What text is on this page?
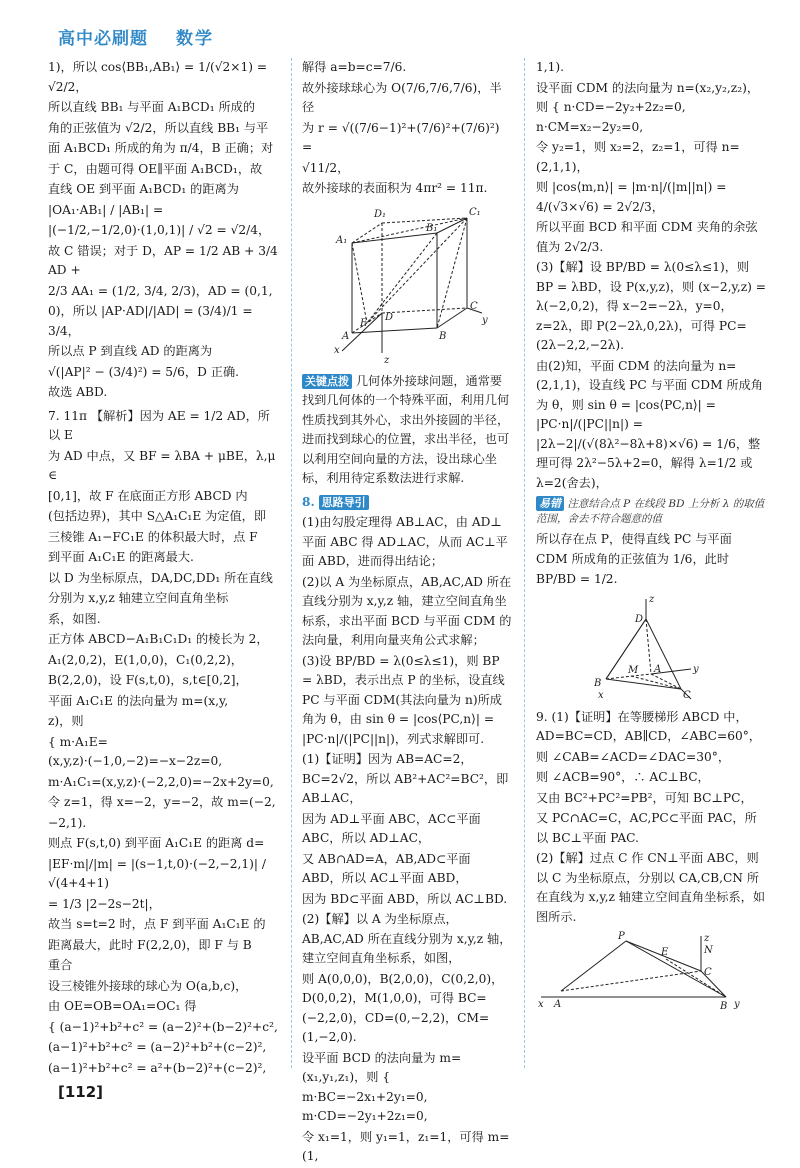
高中必刷题 数学
1)，所以 cos⟨BB₁,AB₁⟩ = 1/(√2×1) = √2/2，
所以直线 BB₁ 与平面 A₁BCD₁ 所成的
角的正弦值为 √2/2，所以直线 BB₁ 与平
面 A₁BCD₁ 所成的角为 π/4，B 正确；对
于 C，由题可得 OE∥平面 A₁BCD₁，故
直线 OE 到平面 A₁BCD₁ 的距离为
|OA₁·AB₁| / |AB₁| =
|(−1/2,−1/2,0)·(1,0,1)| / √2 = √2/4，
故 C 错误；对于 D，AP = 1/2 AB + 3/4 AD +
2/3 AA₁ = (1/2, 3/4, 2/3)，AD = (0,1,
0)，所以 |AP·AD|/|AD| = (3/4)/1 = 3/4，
所以点 P 到直线 AD 的距离为
√(|AP|² − (3/4)²) = 5/6，D 正确.
故选 ABD.
7. 11π 【解析】因为 AE = 1/2 AD，所以 E
为 AD 中点，又 BF = λBA + μBE，λ,μ ∈
[0,1]，故 F 在底面正方形 ABCD 内
(包括边界)，其中 S△A₁C₁E 为定值，即
三棱锥 A₁−FC₁E 的体积最大时，点 F
到平面 A₁C₁E 的距离最大.
以 D 为坐标原点，DA,DC,DD₁ 所在直线
分别为 x,y,z 轴建立空间直角坐标
系，如图.
正方体 ABCD−A₁B₁C₁D₁ 的棱长为 2，
A₁(2,0,2)，E(1,0,0)，C₁(0,2,2)，
B(2,2,0)，设 F(s,t,0)，s,t∈[0,2]，
平面 A₁C₁E 的法向量为 m=(x,y,
z)，则
{ m·A₁E=(x,y,z)·(−1,0,−2)=−x−2z=0,
m·A₁C₁=(x,y,z)·(−2,2,0)=−2x+2y=0,
令 z=1，得 x=−2，y=−2，故 m=(−2,
−2,1).
则点 F(s,t,0) 到平面 A₁C₁E 的距离 d=
|EF·m|/|m| = |(s−1,t,0)·(−2,−2,1)| / √(4+4+1)
= 1/3 |2−2s−2t|，
故当 s=t=2 时，点 F 到平面 A₁C₁E 的
距离最大，此时 F(2,2,0)，即 F 与 B
重合
设三棱锥外接球的球心为 O(a,b,c)，
由 OE=OB=OA₁=OC₁ 得
{ (a−1)²+b²+c² = (a−2)²+(b−2)²+c²,
(a−1)²+b²+c² = (a−2)²+b²+(c−2)²,
(a−1)²+b²+c² = a²+(b−2)²+(c−2)²,
解得 a=b=c=7/6.
故外接球球心为 O(7/6,7/6,7/6)，半径
为 r = √((7/6−1)²+(7/6)²+(7/6)²) =
√11/2，
故外接球的表面积为 4πr² = 11π.
D₁	C₁
A₁
B₁
C
x
A
D
E
B
z
y
关键点拨 几何体外接球问题，通常要找到几何体的一个特殊平面，利用几何性质找到其外心，求出外接圆的半径，进而找到球心的位置，求出半径，也可以利用空间向量的方法，设出球心坐标，利用待定系数法进行求解.
8. 思路导引
(1)由勾股定理得 AB⊥AC，由 AD⊥平面 ABC 得 AD⊥AC，从而 AC⊥平面 ABD，进而得出结论；
(2)以 A 为坐标原点，AB,AC,AD 所在直线分别为 x,y,z 轴，建立空间直角坐标系，求出平面 BCD 与平面 CDM 的法向量，利用向量夹角公式求解；
(3)设 BP/BD = λ(0≤λ≤1)，则 BP = λBD，表示出点 P 的坐标，设直线 PC 与平面 CDM(其法向量为 n)所成角为 θ，由 sin θ = |cos⟨PC,n⟩| = |PC·n|/(|PC||n|)，列式求解即可.
(1)【证明】因为 AB=AC=2，BC=2√2，所以 AB²+AC²=BC²，即 AB⊥AC，
因为 AD⊥平面 ABC，AC⊂平面 ABC，所以 AD⊥AC，
又 AB∩AD=A，AB,AD⊂平面 ABD，所以 AC⊥平面 ABD，
因为 BD⊂平面 ABD，所以 AC⊥BD.
(2)【解】以 A 为坐标原点，AB,AC,AD 所在直线分别为 x,y,z 轴，建立空间直角坐标系，如图，
则 A(0,0,0)，B(2,0,0)，C(0,2,0)，D(0,0,2)，M(1,0,0)，可得 BC=(−2,2,0)，CD=(0,−2,2)，CM=(1,−2,0).
设平面 BCD 的法向量为 m=(x₁,y₁,z₁)，则 { m·BC=−2x₁+2y₁=0, m·CD=−2y₁+2z₁=0,
令 x₁=1，则 y₁=1，z₁=1，可得 m=(1,
1,1).
设平面 CDM 的法向量为 n=(x₂,y₂,z₂)，则 { n·CD=−2y₂+2z₂=0, n·CM=x₂−2y₂=0,
令 y₂=1，则 x₂=2，z₂=1，可得 n=(2,1,1)，
则 |cos⟨m,n⟩| = |m·n|/(|m||n|) = 4/(√3×√6) = 2√2/3，
所以平面 BCD 和平面 CDM 夹角的余弦值为 2√2/3.
(3)【解】设 BP/BD = λ(0≤λ≤1)，则 BP = λBD，设 P(x,y,z)，则 (x−2,y,z) = λ(−2,0,2)，得 x−2=−2λ，y=0，z=2λ，即 P(2−2λ,0,2λ)，可得 PC=(2λ−2,2,−2λ).
由(2)知，平面 CDM 的法向量为 n=(2,1,1)，设直线 PC 与平面 CDM 所成角为 θ，则 sin θ = |cos⟨PC,n⟩| = |PC·n|/(|PC||n|) = |2λ−2|/(√(8λ²−8λ+8)×√6) = 1/6，整理可得 2λ²−5λ+2=0，解得 λ=1/2 或 λ=2(舍去)，
易错 注意结合点 P 在线段 BD 上分析 λ 的取值范围，舍去不符合题意的值
所以存在点 P，使得直线 PC 与平面 CDM 所成角的正弦值为 1/6，此时
BP/BD = 1/2.
D
M A
B
C
x
y
z
9. (1)【证明】在等腰梯形 ABCD 中，AD=BC=CD，AB∥CD，∠ABC=60°，
则 ∠CAB=∠ACD=∠DAC=30°，
则 ∠ACB=90°，∴ AC⊥BC，
又由 BC²+PC²=PB²，可知 BC⊥PC，
又 PC∩AC=C，AC,PC⊂平面 PAC，所以 BC⊥平面 PAC.
(2)【解】过点 C 作 CN⊥平面 ABC，则以 C 为坐标原点，分别以 CA,CB,CN 所在直线为 x,y,z 轴建立空间直角坐标系，如图所示.
P
E	N
C
A	B
x
z
y
[112]
